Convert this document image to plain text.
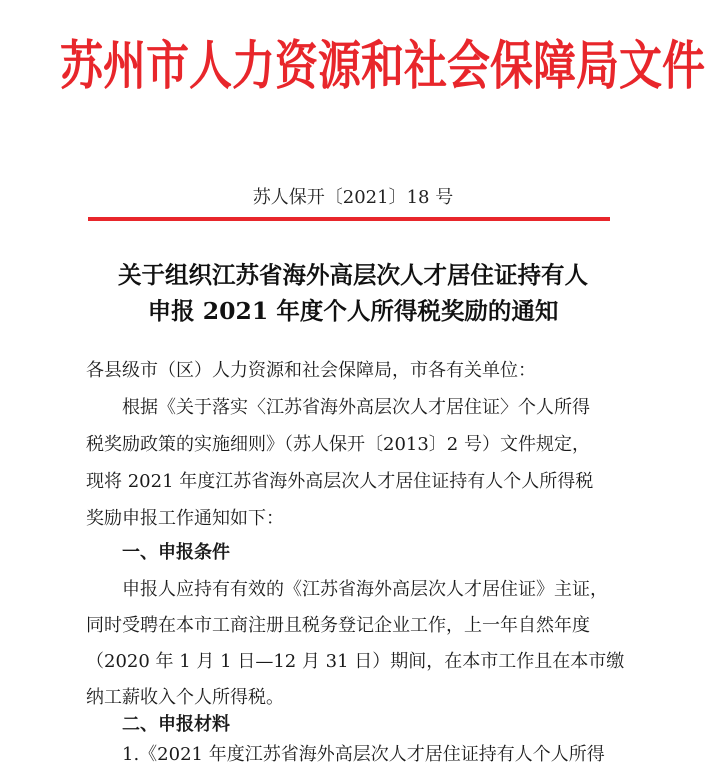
苏州市人力资源和社会保障局文件
苏人保开〔2021〕18 号
关于组织江苏省海外高层次人才居住证持有人
申报 2021 年度个人所得税奖励的通知
各县级市（区）人力资源和社会保障局，市各有关单位：
根据《关于落实〈江苏省海外高层次人才居住证〉个人所得
税奖励政策的实施细则》（苏人保开〔2013〕2 号）文件规定，
现将 2021 年度江苏省海外高层次人才居住证持有人个人所得税
奖励申报工作通知如下：
一、申报条件
申报人应持有有效的《江苏省海外高层次人才居住证》主证，
同时受聘在本市工商注册且税务登记企业工作，上一年自然年度
（2020 年 1 月 1 日—12 月 31 日）期间，在本市工作且在本市缴
纳工薪收入个人所得税。
二、申报材料
1.《2021 年度江苏省海外高层次人才居住证持有人个人所得
